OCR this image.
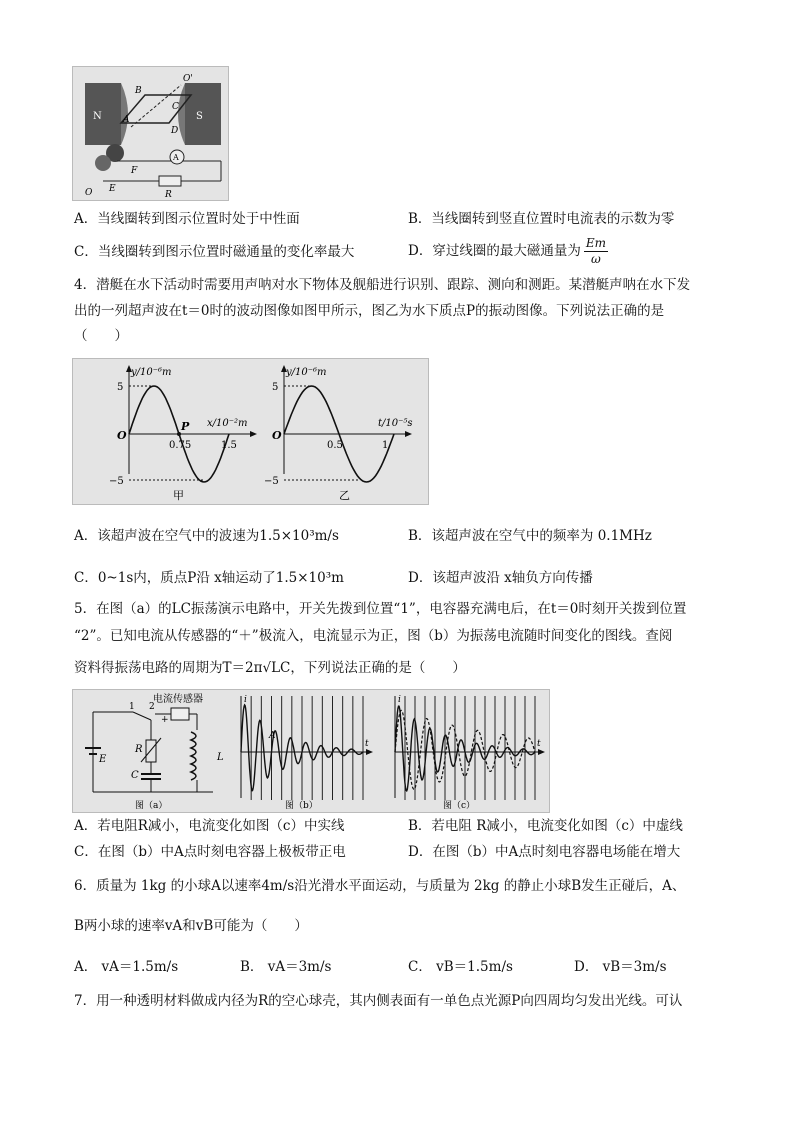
N	S
A
B
C
D
O'
F
E
O
A
R
A．当线圈转到图示位置时处于中性面	B．当线圈转到竖直位置时电流表的示数为零
C．当线圈转到图示位置时磁通量的变化率最大	D．穿过线圈的最大磁通量为 $\frac{Em}{\omega}$
4．潜艇在水下活动时需要用声呐对水下物体及舰船进行识别、跟踪、测向和测距。某潜艇声呐在水下发
出的一列超声波在t＝0时的波动图像如图甲所示，图乙为水下质点P的振动图像。下列说法正确的是
（　　）
y/10⁻⁶m
x/10⁻²m
5
−5
O
0.75	1.5
P
甲
y/10⁻⁶m
t/10⁻⁵s
5
−5
O
0.5	1
乙
A．该超声波在空气中的波速为1.5×10³m/s	B．该超声波在空气中的频率为 0.1MHz
C．0~1s内，质点P沿 x轴运动了1.5×10³m	D．该超声波沿 x轴负方向传播
5．在图（a）的LC振荡演示电路中，开关先拨到位置“1”，电容器充满电后，在t＝0时刻开关拨到位置
“2”。已知电流从传感器的“＋”极流入，电流显示为正，图（b）为振荡电流随时间变化的图线。查阅
资料得振荡电路的周期为T＝2π√LC，下列说法正确的是（　　）
电流传感器
1 2
+
E
R
C
L
图（a）
i
t
A
图（b）
i
t
图（c）
A．若电阻R减小，电流变化如图（c）中实线	B．若电阻 R减小，电流变化如图（c）中虚线
C．在图（b）中A点时刻电容器上极板带正电	D．在图（b）中A点时刻电容器电场能在增大
6．质量为 1kg 的小球A以速率4m/s沿光滑水平面运动，与质量为 2kg 的静止小球B发生正碰后，A、
B两小球的速率vA和vB可能为（　　）
A． vA＝1.5m/s	B． vA＝3m/s	C． vB＝1.5m/s	D． vB＝3m/s
7．用一种透明材料做成内径为R的空心球壳，其内侧表面有一单色点光源P向四周均匀发出光线。可认
